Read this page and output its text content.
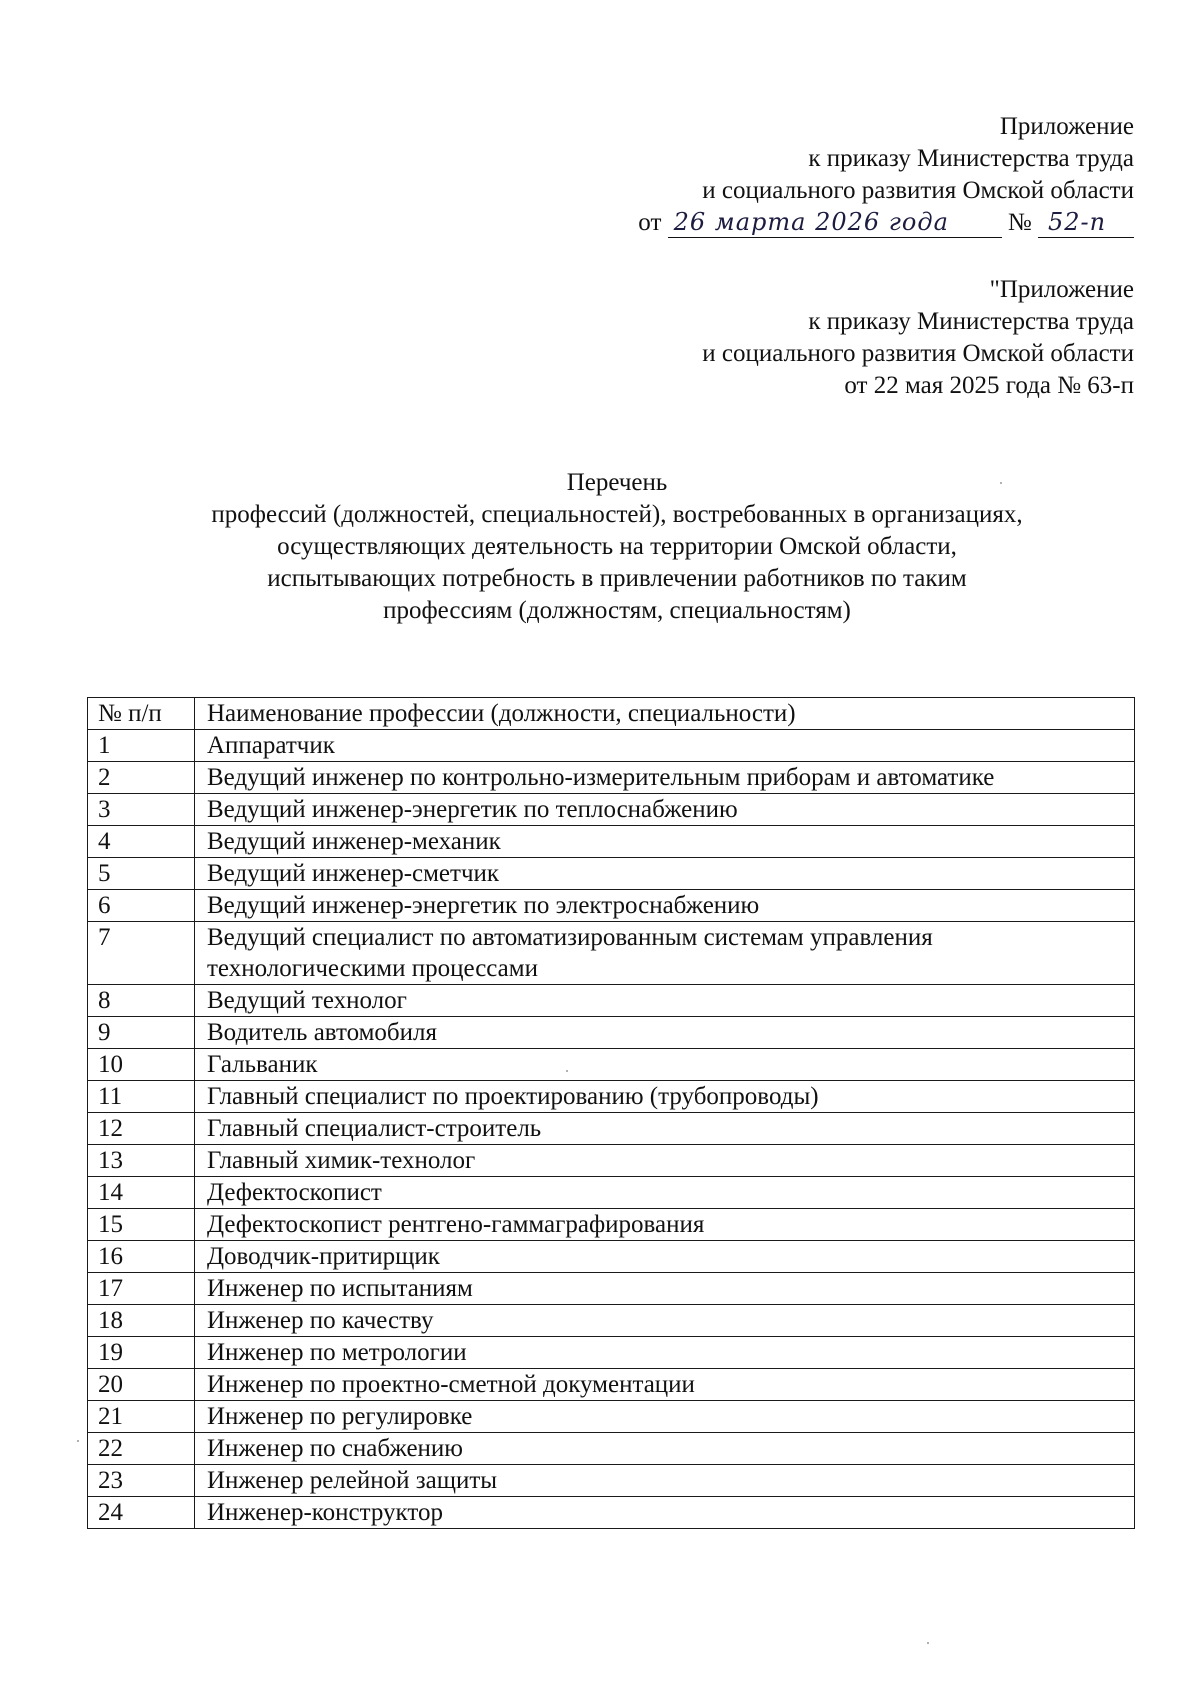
Приложение
к приказу Министерства труда
и социального развития Омской области
от 26 марта 2026 года № 52-п
"Приложение
к приказу Министерства труда
и социального развития Омской области
от 22 мая 2025 года № 63-п
Перечень
профессий (должностей, специальностей), востребованных в организациях,
осуществляющих деятельность на территории Омской области,
испытывающих потребность в привлечении работников по таким
профессиям (должностям, специальностям)
№ п/п	Наименование профессии (должности, специальности)
1	Аппаратчик
2	Ведущий инженер по контрольно-измерительным приборам и автоматике
3	Ведущий инженер-энергетик по теплоснабжению
4	Ведущий инженер-механик
5	Ведущий инженер-сметчик
6	Ведущий инженер-энергетик по электроснабжению
7	Ведущий специалист по автоматизированным системам управления технологическими процессами
8	Ведущий технолог
9	Водитель автомобиля
10	Гальваник
11	Главный специалист по проектированию (трубопроводы)
12	Главный специалист-строитель
13	Главный химик-технолог
14	Дефектоскопист
15	Дефектоскопист рентгено-гаммаграфирования
16	Доводчик-притирщик
17	Инженер по испытаниям
18	Инженер по качеству
19	Инженер по метрологии
20	Инженер по проектно-сметной документации
21	Инженер по регулировке
22	Инженер по снабжению
23	Инженер релейной защиты
24	Инженер-конструктор
